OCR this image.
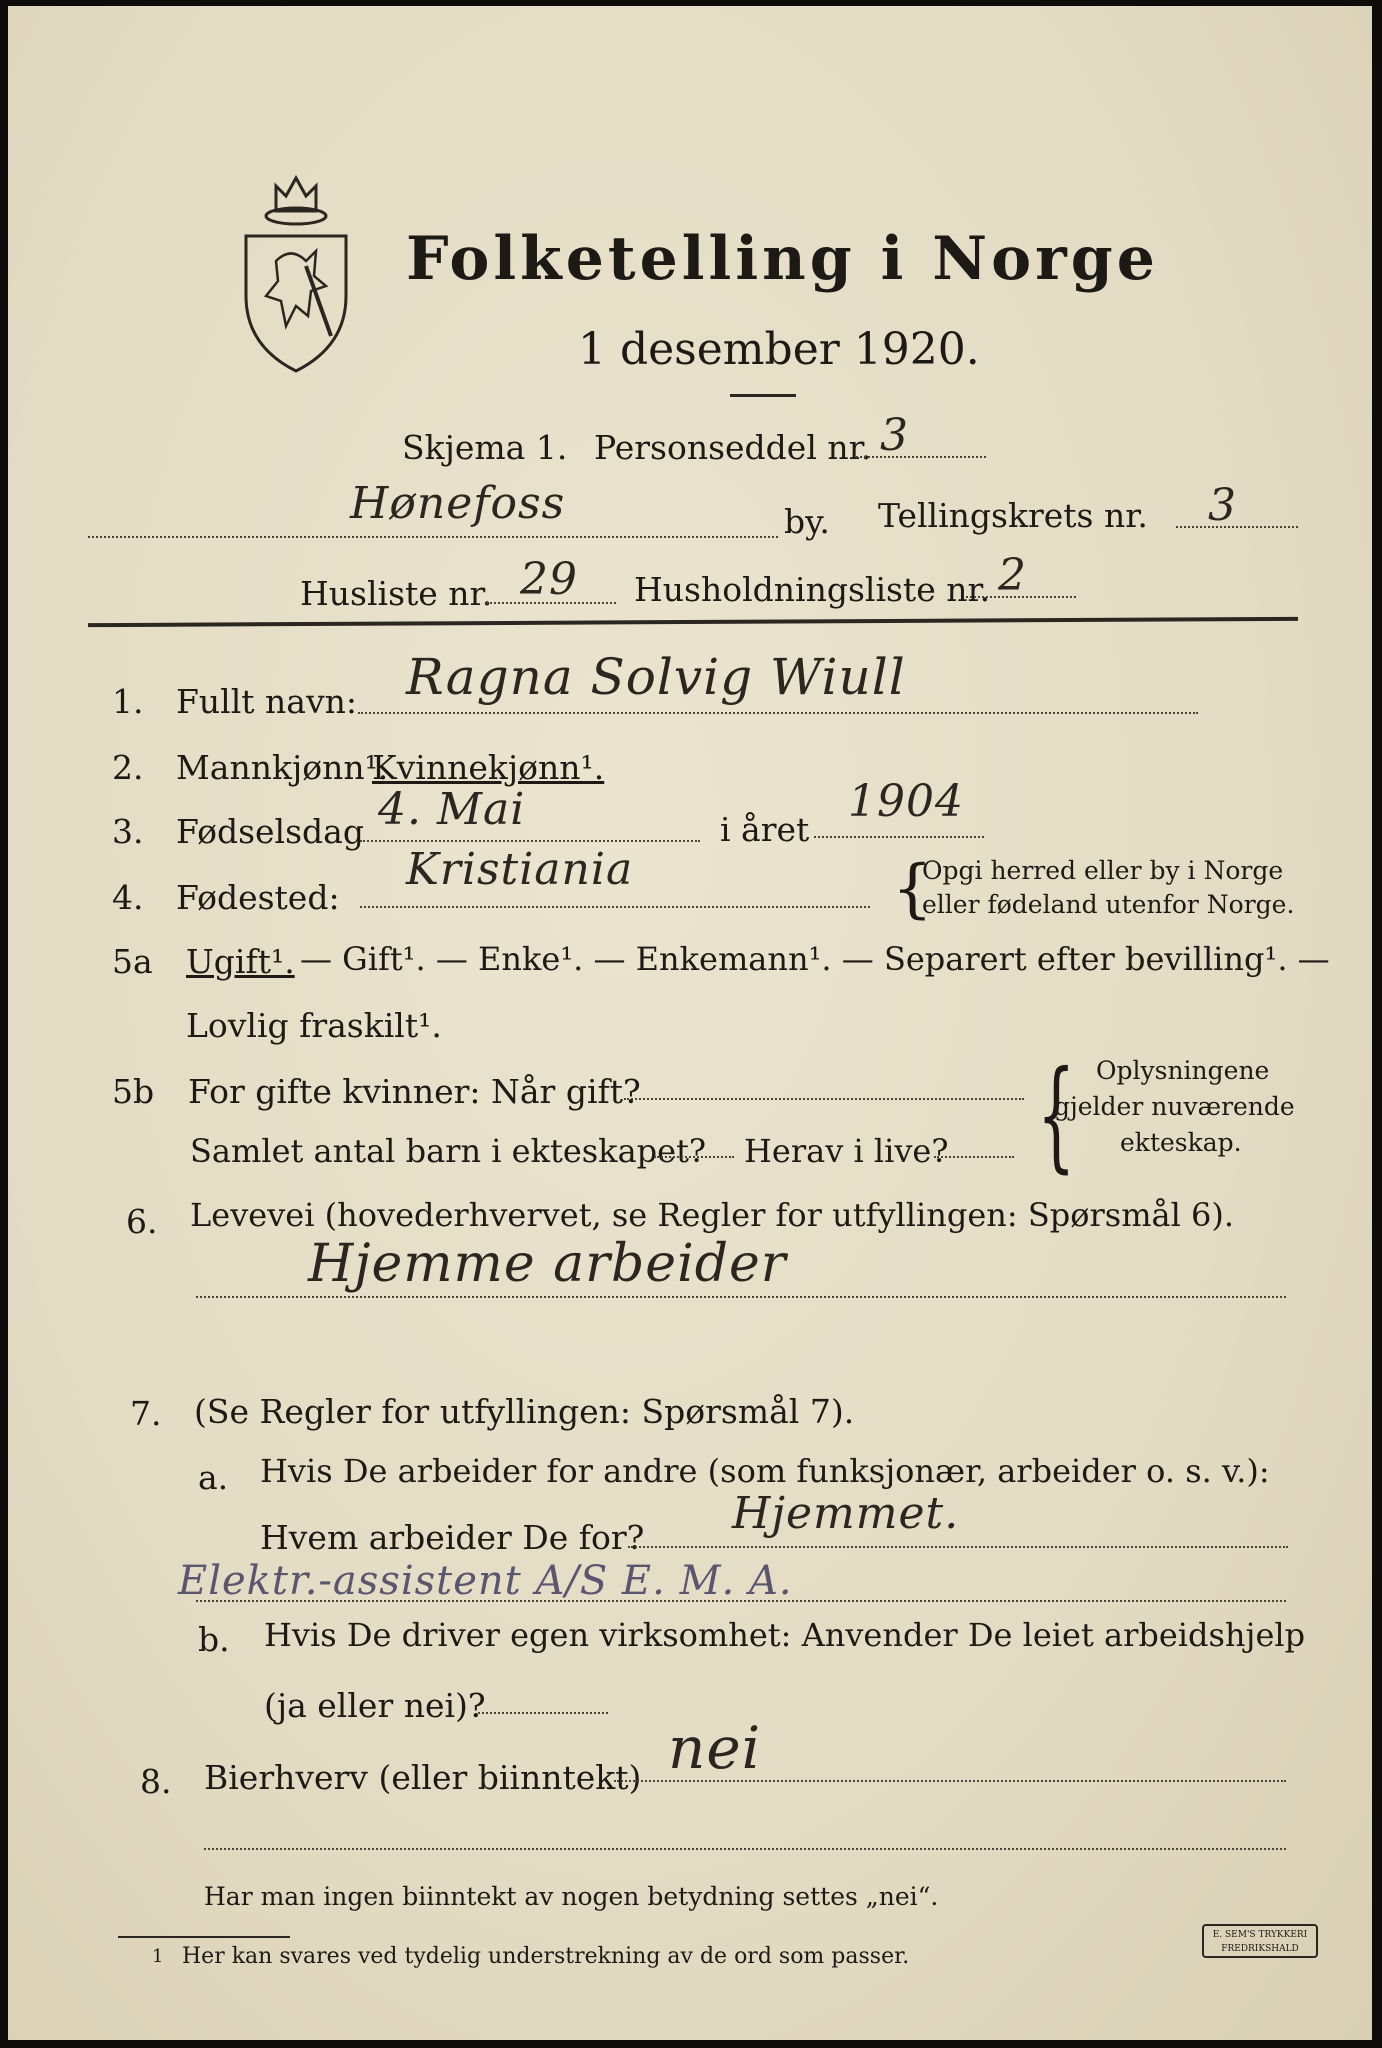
Folketelling i Norge
1 desember 1920.
Skjema 1. Personseddel nr. 3
Hønefoss	by. Tellingskrets nr. 3
Husliste nr. 29 Husholdningsliste nr. 2
1. Fullt navn: Ragna Solvig Wiull
2. Mannkjønn¹.
Kvinnekjønn¹.
3. Fødselsdag 4. Mai	i året
1904
4. Fødested:
Kristiania	{
Opgi herred eller by i Norge
eller fødeland utenfor Norge.
5a Ugift¹. — Gift¹. — Enke¹. — Enkemann¹. — Separert efter bevilling¹. —
Lovlig fraskilt¹.
5b For gifte kvinner: Når gift?
Samlet antal barn i ekteskapet? Herav i live? { Oplysningene
gjelder nuværende
ekteskap.
6. Levevei (hovederhvervet, se Regler for utfyllingen: Spørsmål 6).
Hjemme arbeider
7. (Se Regler for utfyllingen: Spørsmål 7).
a. Hvis De arbeider for andre (som funksjonær, arbeider o. s. v.):
Hvem arbeider De for? Hjemmet.
Elektr.-assistent A/S E. M. A.
b. Hvis De driver egen virksomhet: Anvender De leiet arbeidshjelp
(ja eller nei)?
8. Bierhverv (eller biinntekt) nei
Har man ingen biinntekt av nogen betydning settes „nei“.
1 Her kan svares ved tydelig understrekning av de ord som passer.
E. SEM'S TRYKKERI
FREDRIKSHALD
